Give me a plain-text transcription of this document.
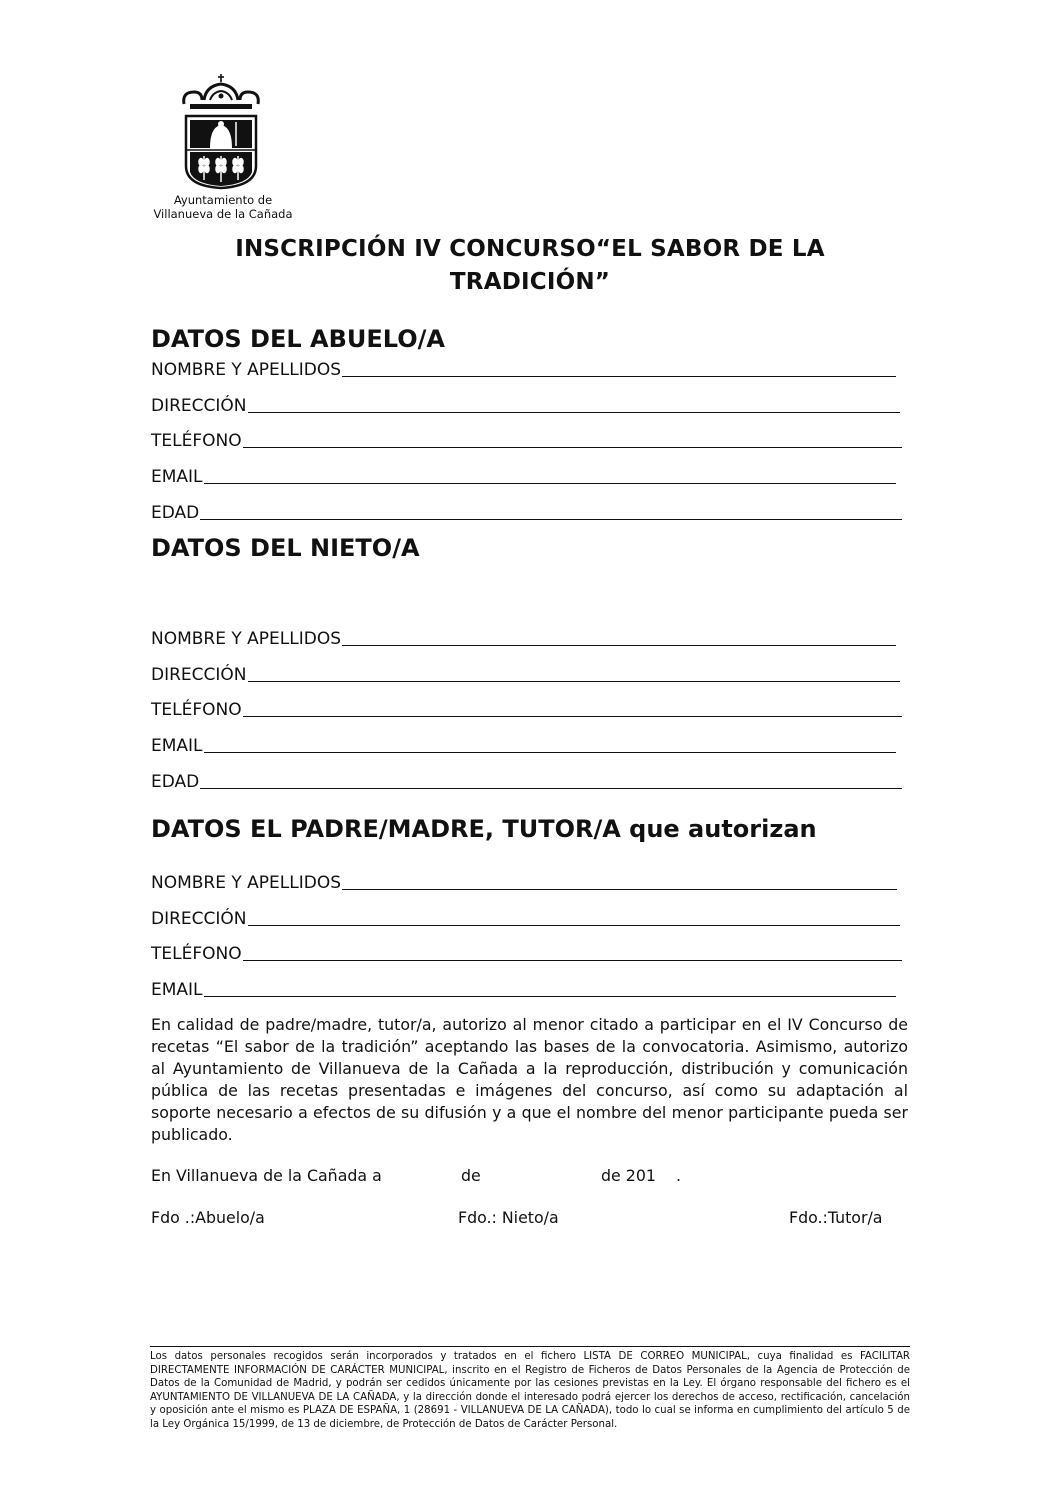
Ayuntamiento de
Villanueva de la Cañada
INSCRIPCIÓN IV CONCURSO“EL SABOR DE LA
TRADICIÓN”
DATOS DEL ABUELO/A
NOMBRE Y APELLIDOS
DIRECCIÓN
TELÉFONO
EMAIL
EDAD
DATOS DEL NIETO/A
NOMBRE Y APELLIDOS
DIRECCIÓN
TELÉFONO
EMAIL
EDAD
DATOS EL PADRE/MADRE, TUTOR/A que autorizan
NOMBRE Y APELLIDOS
DIRECCIÓN
TELÉFONO
EMAIL
En calidad de padre/madre, tutor/a, autorizo al menor citado a participar en el IV Concurso de recetas “El sabor de la tradición” aceptando las bases de la convocatoria. Asimismo, autorizo al Ayuntamiento de Villanueva de la Cañada a la reproducción, distribución y comunicación pública de las recetas presentadas e imágenes del concurso, así como su adaptación al soporte necesario a efectos de su difusión y a que el nombre del menor participante pueda ser publicado.
En Villanueva de la Cañada a	de	de 201 .
Fdo .:Abuelo/a	Fdo.: Nieto/a	Fdo.:Tutor/a
Los datos personales recogidos serán incorporados y tratados en el fichero LISTA DE CORREO MUNICIPAL, cuya finalidad es FACILITAR DIRECTAMENTE INFORMACIÓN DE CARÁCTER MUNICIPAL, inscrito en el Registro de Ficheros de Datos Personales de la Agencia de Protección de Datos de la Comunidad de Madrid, y podrán ser cedidos únicamente por las cesiones previstas en la Ley. El órgano responsable del fichero es el AYUNTAMIENTO DE VILLANUEVA DE LA CAÑADA, y la dirección donde el interesado podrá ejercer los derechos de acceso, rectificación, cancelación y oposición ante el mismo es PLAZA DE ESPAÑA, 1 (28691 - VILLANUEVA DE LA CAÑADA), todo lo cual se informa en cumplimiento del artículo 5 de la Ley Orgánica 15/1999, de 13 de diciembre, de Protección de Datos de Carácter Personal.
